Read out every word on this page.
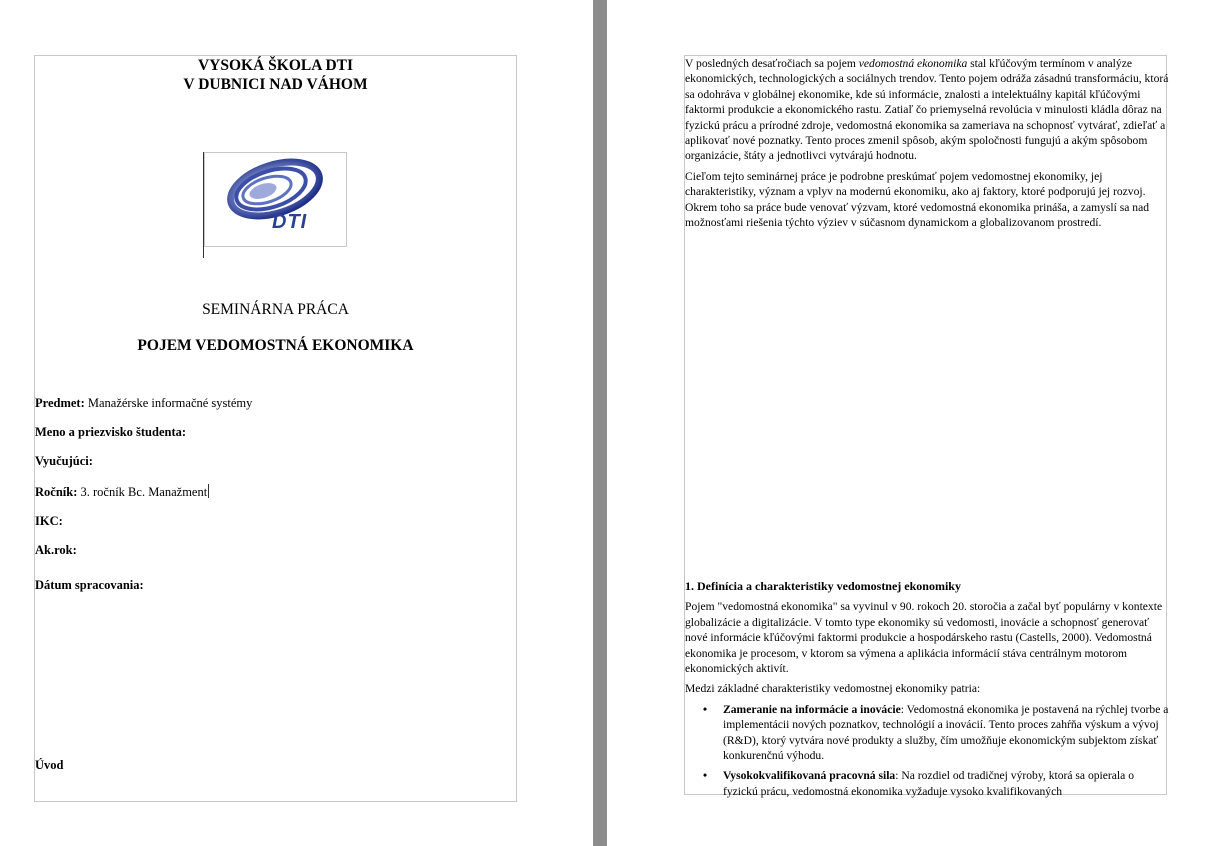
VYSOKÁ ŠKOLA DTI
V DUBNICI NAD VÁHOM
DTI
SEMINÁRNA PRÁCA
POJEM VEDOMOSTNÁ EKONOMIKA
Predmet: Manažérske informačné systémy
Meno a priezvisko študenta:
Vyučujúci:
Ročník: 3. ročník Bc. Manažment
IKC:
Ak.rok:
Dátum spracovania:
Úvod

V posledných desaťročiach sa pojem vedomostná ekonomika stal kľúčovým termínom v analýze ekonomických, technologických a sociálnych trendov. Tento pojem odráža zásadnú transformáciu, ktorá sa odohráva v globálnej ekonomike, kde sú informácie, znalosti a intelektuálny kapitál kľúčovými faktormi produkcie a ekonomického rastu. Zatiaľ čo priemyselná revolúcia v minulosti kládla dôraz na fyzickú prácu a prírodné zdroje, vedomostná ekonomika sa zameriava na schopnosť vytvárať, zdieľať a aplikovať nové poznatky. Tento proces zmenil spôsob, akým spoločnosti fungujú a akým spôsobom organizácie, štáty a jednotlivci vytvárajú hodnotu.

Cieľom tejto seminárnej práce je podrobne preskúmať pojem vedomostnej ekonomiky, jej charakteristiky, význam a vplyv na modernú ekonomiku, ako aj faktory, ktoré podporujú jej rozvoj. Okrem toho sa práce bude venovať výzvam, ktoré vedomostná ekonomika prináša, a zamyslí sa nad možnosťami riešenia týchto výziev v súčasnom dynamickom a globalizovanom prostredí.

1. Definícia a charakteristiky vedomostnej ekonomiky

Pojem "vedomostná ekonomika" sa vyvinul v 90. rokoch 20. storočia a začal byť populárny v kontexte globalizácie a digitalizácie. V tomto type ekonomiky sú vedomosti, inovácie a schopnosť generovať nové informácie kľúčovými faktormi produkcie a hospodárskeho rastu (Castells, 2000). Vedomostná ekonomika je procesom, v ktorom sa výmena a aplikácia informácií stáva centrálnym motorom ekonomických aktivít.

Medzi základné charakteristiky vedomostnej ekonomiky patria:

• Zameranie na informácie a inovácie: Vedomostná ekonomika je postavená na rýchlej tvorbe a implementácii nových poznatkov, technológií a inovácií. Tento proces zahŕňa výskum a vývoj (R&D), ktorý vytvára nové produkty a služby, čím umožňuje ekonomickým subjektom získať konkurenčnú výhodu.
• Vysokokvalifikovaná pracovná sila: Na rozdiel od tradičnej výroby, ktorá sa opierala o fyzickú prácu, vedomostná ekonomika vyžaduje vysoko kvalifikovaných
